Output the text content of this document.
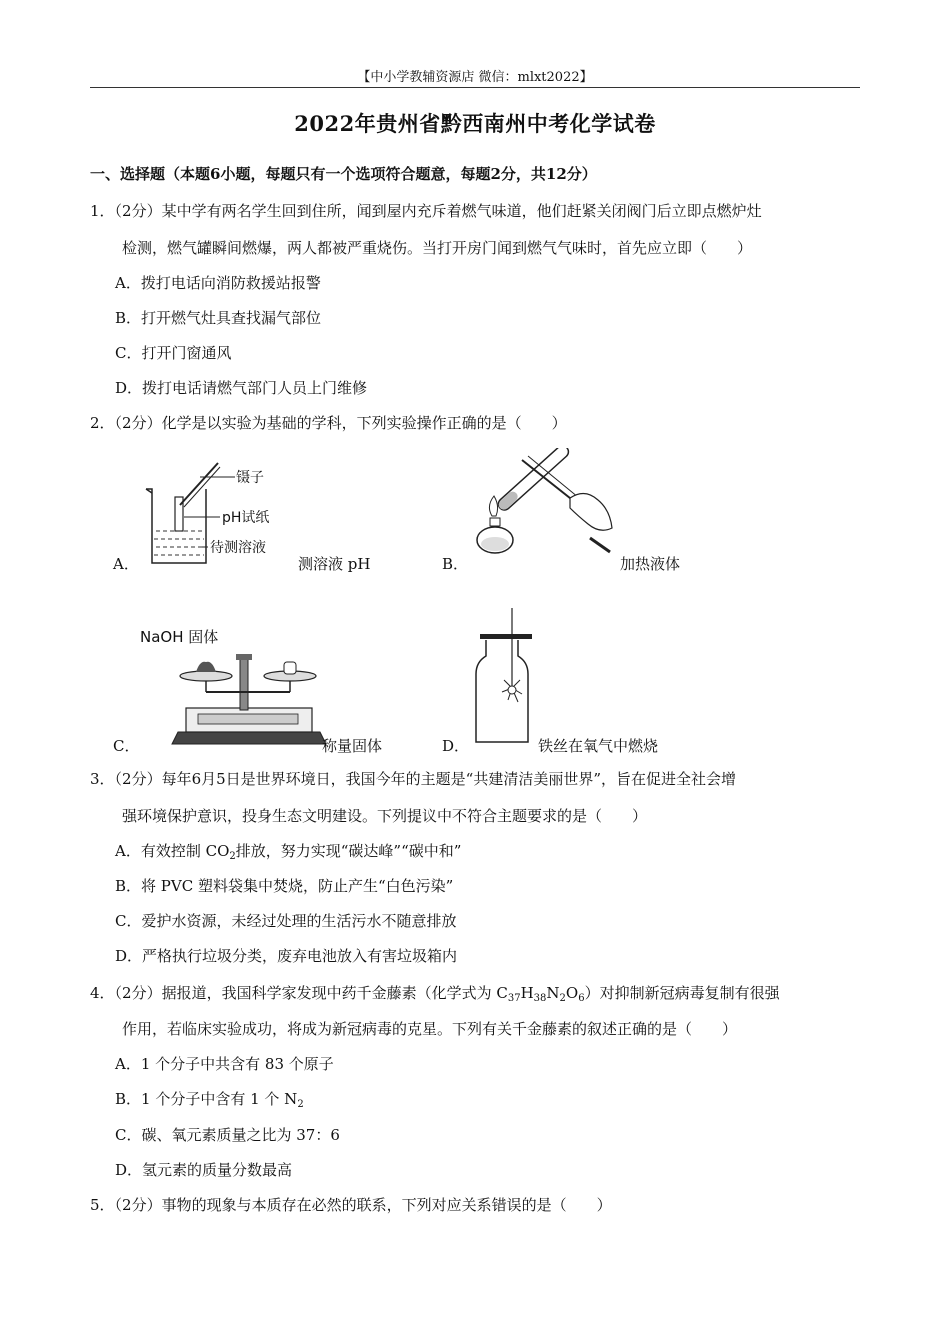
【中小学教辅资源店 微信：mlxt2022】
2022年贵州省黔西南州中考化学试卷
一、选择题（本题6小题，每题只有一个选项符合题意，每题2分，共12分）
1．（2分）某中学有两名学生回到住所，闻到屋内充斥着燃气味道，他们赶紧关闭阀门后立即点燃炉灶
检测，燃气罐瞬间燃爆，两人都被严重烧伤。当打开房门闻到燃气气味时，首先应立即（　　）
A．拨打电话向消防救援站报警
B．打开燃气灶具查找漏气部位
C．打开门窗通风
D．拨打电话请燃气部门人员上门维修
2．（2分）化学是以实验为基础的学科，下列实验操作正确的是（　　）
镊子
pH试纸
待测溶液
A．	测溶液 pH	B．	加热液体
NaOH 固体
C．	称量固体	D．	铁丝在氧气中燃烧
3．（2分）每年6月5日是世界环境日，我国今年的主题是“共建清洁美丽世界”，旨在促进全社会增
强环境保护意识，投身生态文明建设。下列提议中不符合主题要求的是（　　）
A．有效控制 $CO_2$排放，努力实现“碳达峰”“碳中和”
B．将 PVC 塑料袋集中焚烧，防止产生“白色污染”
C．爱护水资源，未经过处理的生活污水不随意排放
D．严格执行垃圾分类，废弃电池放入有害垃圾箱内
4．（2分）据报道，我国科学家发现中药千金藤素（化学式为 $C_{37}H_{38}N_2O_6$）对抑制新冠病毒复制有很强
作用，若临床实验成功，将成为新冠病毒的克星。下列有关千金藤素的叙述正确的是（　　）
A．1 个分子中共含有 83 个原子
B．1 个分子中含有 1 个 $N_2$
C．碳、氧元素质量之比为 37：6
D．氢元素的质量分数最高
5．（2分）事物的现象与本质存在必然的联系，下列对应关系错误的是（　　）
